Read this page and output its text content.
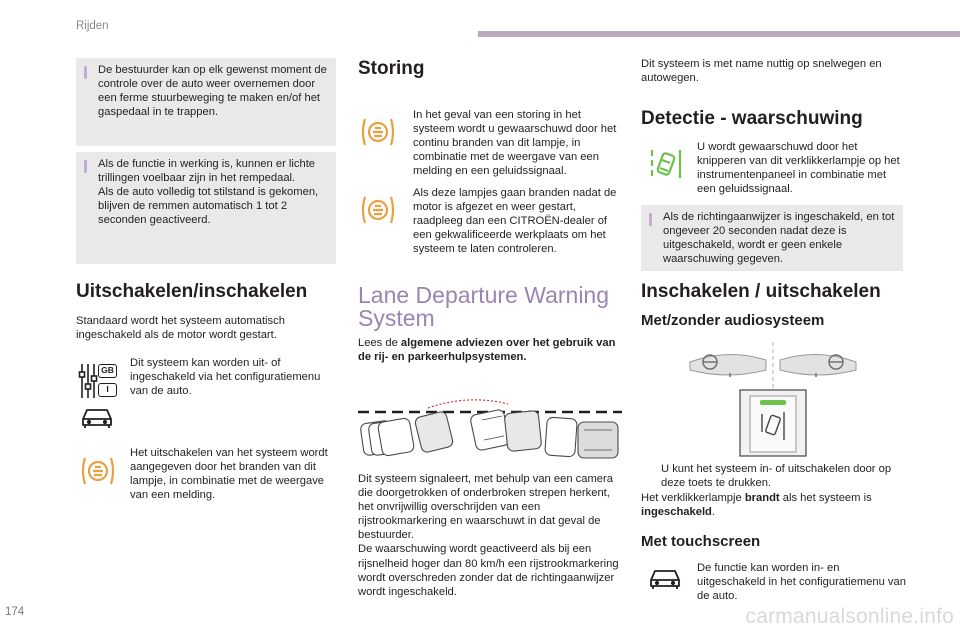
Rijden
De bestuurder kan op elk gewenst moment de controle over de auto weer overnemen door een ferme stuurbeweging te maken en/of het gaspedaal in te trappen.
Als de functie in werking is, kunnen er lichte trillingen voelbaar zijn in het rempedaal.
Als de auto volledig tot stilstand is gekomen, blijven de remmen automatisch 1 tot 2 seconden geactiveerd.
Uitschakelen/inschakelen
Standaard wordt het systeem automatisch ingeschakeld als de motor wordt gestart.
GB
I
Dit systeem kan worden uit- of ingeschakeld via het configuratiemenu van de auto.
Het uitschakelen van het systeem wordt aangegeven door het branden van dit lampje, in combinatie met de weergave van een melding.
Storing
In het geval van een storing in het systeem wordt u gewaarschuwd door het continu branden van dit lampje, in combinatie met de weergave van een melding en een geluidssignaal.
Als deze lampjes gaan branden nadat de motor is afgezet en weer gestart, raadpleeg dan een CITROËN-dealer of een gekwalificeerde werkplaats om het systeem te laten controleren.
Lane Departure Warning
System
Lees de algemene adviezen over het gebruik van de rij- en parkeerhulpsystemen.
Dit systeem signaleert, met behulp van een camera die doorgetrokken of onderbroken strepen herkent, het onvrijwillig overschrijden van een rijstrookmarkering en waarschuwt in dat geval de bestuurder.
De waarschuwing wordt geactiveerd als bij een rijsnelheid hoger dan 80 km/h een rijstrookmarkering wordt overschreden zonder dat de richtingaanwijzer wordt ingeschakeld.
Dit systeem is met name nuttig op snelwegen en autowegen.
Detectie - waarschuwing
U wordt gewaarschuwd door het knipperen van dit verklikkerlampje op het instrumentenpaneel in combinatie met een geluidssignaal.
Als de richtingaanwijzer is ingeschakeld, en tot ongeveer 20 seconden nadat deze is uitgeschakeld, wordt er geen enkele waarschuwing gegeven.
Inschakelen / uitschakelen
Met/zonder audiosysteem
U kunt het systeem in- of uitschakelen door op deze toets te drukken.
Het verklikkerlampje brandt als het systeem is ingeschakeld.
Met touchscreen
De functie kan worden in- en uitgeschakeld in het configuratiemenu van de auto.
174	carmanualsonline.info
